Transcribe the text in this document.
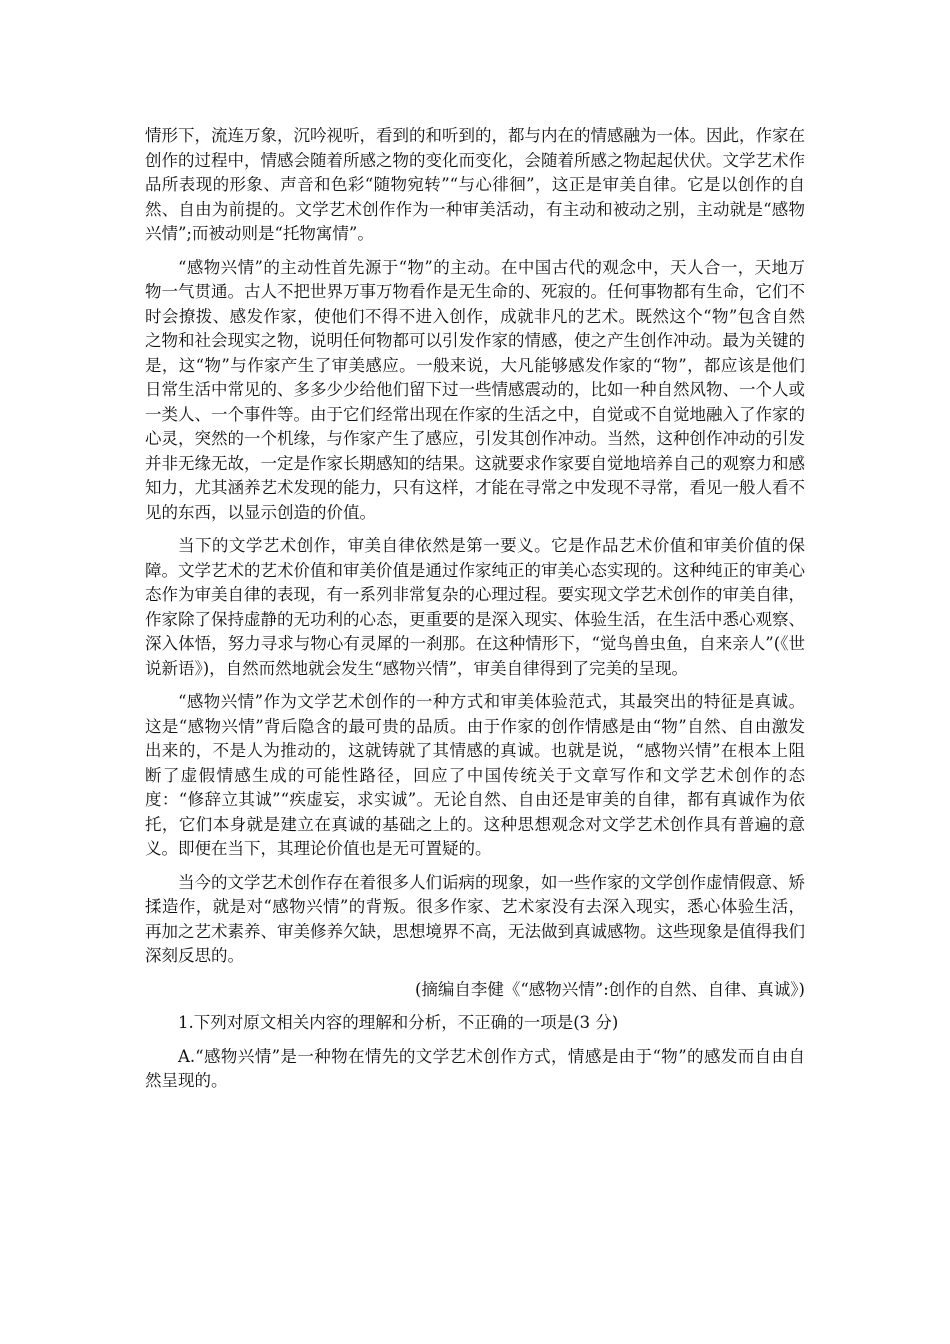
情形下，流连万象，沉吟视听，看到的和听到的，都与内在的情感融为一体。因此，作家在创作的过程中，情感会随着所感之物的变化而变化，会随着所感之物起起伏伏。文学艺术作品所表现的形象、声音和色彩“随物宛转”“与心徘徊”，这正是审美自律。它是以创作的自然、自由为前提的。文学艺术创作作为一种审美活动，有主动和被动之别，主动就是“感物兴情”;而被动则是“托物寓情”。

“感物兴情”的主动性首先源于“物”的主动。在中国古代的观念中，天人合一，天地万物一气贯通。古人不把世界万事万物看作是无生命的、死寂的。任何事物都有生命，它们不时会撩拨、感发作家，使他们不得不进入创作，成就非凡的艺术。既然这个“物”包含自然之物和社会现实之物，说明任何物都可以引发作家的情感，使之产生创作冲动。最为关键的是，这“物”与作家产生了审美感应。一般来说，大凡能够感发作家的“物”，都应该是他们日常生活中常见的、多多少少给他们留下过一些情感震动的，比如一种自然风物、一个人或一类人、一个事件等。由于它们经常出现在作家的生活之中，自觉或不自觉地融入了作家的心灵，突然的一个机缘，与作家产生了感应，引发其创作冲动。当然，这种创作冲动的引发并非无缘无故，一定是作家长期感知的结果。这就要求作家要自觉地培养自己的观察力和感知力，尤其涵养艺术发现的能力，只有这样，才能在寻常之中发现不寻常，看见一般人看不见的东西，以显示创造的价值。

当下的文学艺术创作，审美自律依然是第一要义。它是作品艺术价值和审美价值的保障。文学艺术的艺术价值和审美价值是通过作家纯正的审美心态实现的。这种纯正的审美心态作为审美自律的表现，有一系列非常复杂的心理过程。要实现文学艺术创作的审美自律，作家除了保持虚静的无功利的心态，更重要的是深入现实、体验生活，在生活中悉心观察、深入体悟，努力寻求与物心有灵犀的一刹那。在这种情形下，“觉鸟兽虫鱼，自来亲人”(《世说新语》)，自然而然地就会发生“感物兴情”，审美自律得到了完美的呈现。

“感物兴情”作为文学艺术创作的一种方式和审美体验范式，其最突出的特征是真诚。这是“感物兴情”背后隐含的最可贵的品质。由于作家的创作情感是由“物”自然、自由激发出来的，不是人为推动的，这就铸就了其情感的真诚。也就是说，“感物兴情”在根本上阻断了虚假情感生成的可能性路径，回应了中国传统关于文章写作和文学艺术创作的态度：“修辞立其诚”“疾虚妄，求实诚”。无论自然、自由还是审美的自律，都有真诚作为依托，它们本身就是建立在真诚的基础之上的。这种思想观念对文学艺术创作具有普遍的意义。即便在当下，其理论价值也是无可置疑的。

当今的文学艺术创作存在着很多人们诟病的现象，如一些作家的文学创作虚情假意、矫揉造作，就是对“感物兴情”的背叛。很多作家、艺术家没有去深入现实，悉心体验生活，再加之艺术素养、审美修养欠缺，思想境界不高，无法做到真诚感物。这些现象是值得我们深刻反思的。

(摘编自李健《“感物兴情”:创作的自然、自律、真诚》)

1.下列对原文相关内容的理解和分析，不正确的一项是(3 分)

A.“感物兴情”是一种物在情先的文学艺术创作方式，情感是由于“物”的感发而自由自然呈现的。
